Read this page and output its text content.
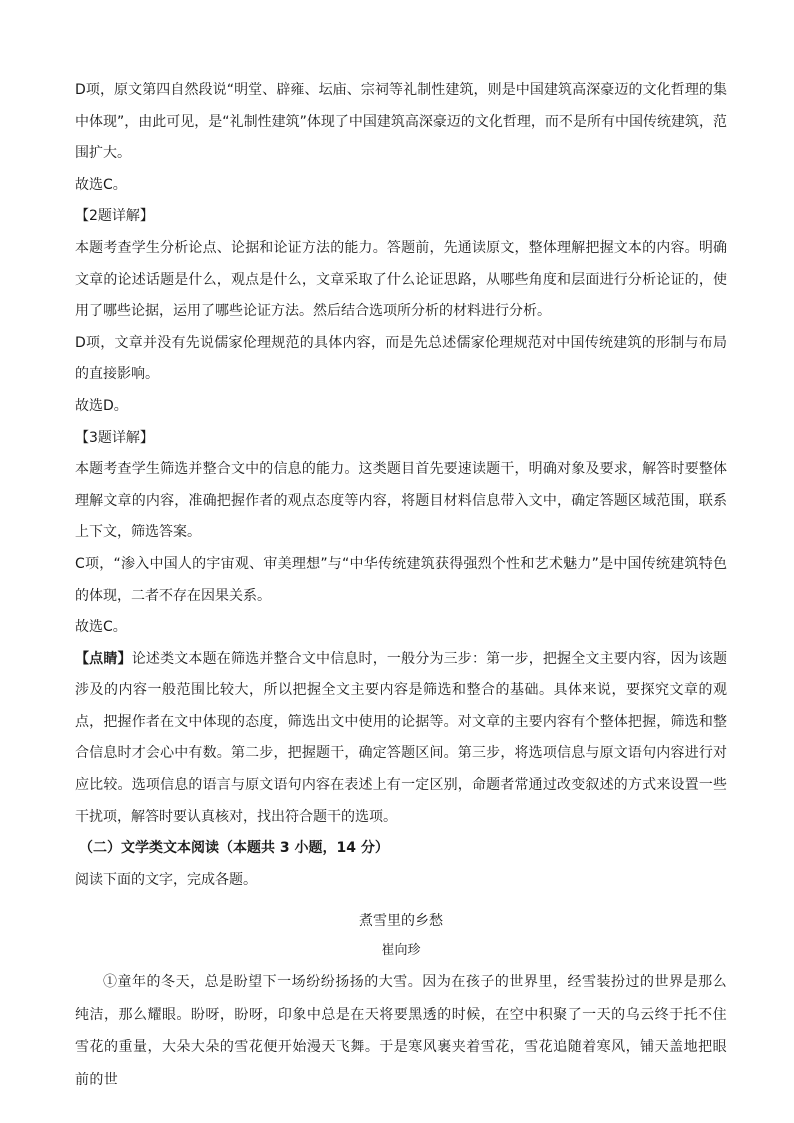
D项，原文第四自然段说“明堂、辟雍、坛庙、宗祠等礼制性建筑，则是中国建筑高深豪迈的文化哲理的集中体现”，由此可见，是“礼制性建筑”体现了中国建筑高深豪迈的文化哲理，而不是所有中国传统建筑，范围扩大。

故选C。

【2题详解】

本题考查学生分析论点、论据和论证方法的能力。答题前，先通读原文，整体理解把握文本的内容。明确文章的论述话题是什么，观点是什么，文章采取了什么论证思路，从哪些角度和层面进行分析论证的，使用了哪些论据，运用了哪些论证方法。然后结合选项所分析的材料进行分析。

D项，文章并没有先说儒家伦理规范的具体内容，而是先总述儒家伦理规范对中国传统建筑的形制与布局的直接影响。

故选D。

【3题详解】

本题考查学生筛选并整合文中的信息的能力。这类题目首先要速读题干，明确对象及要求，解答时要整体理解文章的内容，准确把握作者的观点态度等内容，将题目材料信息带入文中，确定答题区域范围，联系上下文，筛选答案。

C项，“渗入中国人的宇宙观、审美理想”与“中华传统建筑获得强烈个性和艺术魅力”是中国传统建筑特色的体现，二者不存在因果关系。

故选C。

【点睛】论述类文本题在筛选并整合文中信息时，一般分为三步：第一步，把握全文主要内容，因为该题涉及的内容一般范围比较大，所以把握全文主要内容是筛选和整合的基础。具体来说，要探究文章的观点，把握作者在文中体现的态度，筛选出文中使用的论据等。对文章的主要内容有个整体把握，筛选和整合信息时才会心中有数。第二步，把握题干，确定答题区间。第三步，将选项信息与原文语句内容进行对应比较。选项信息的语言与原文语句内容在表述上有一定区别，命题者常通过改变叙述的方式来设置一些干扰项，解答时要认真核对，找出符合题干的选项。

（二）文学类文本阅读（本题共 3 小题，14 分）

阅读下面的文字，完成各题。

煮雪里的乡愁

崔向珍

①童年的冬天，总是盼望下一场纷纷扬扬的大雪。因为在孩子的世界里，经雪装扮过的世界是那么纯洁，那么耀眼。盼呀，盼呀，印象中总是在天将要黑透的时候，在空中积聚了一天的乌云终于托不住雪花的重量，大朵大朵的雪花便开始漫天飞舞。于是寒风裹夹着雪花，雪花追随着寒风，铺天盖地把眼前的世
